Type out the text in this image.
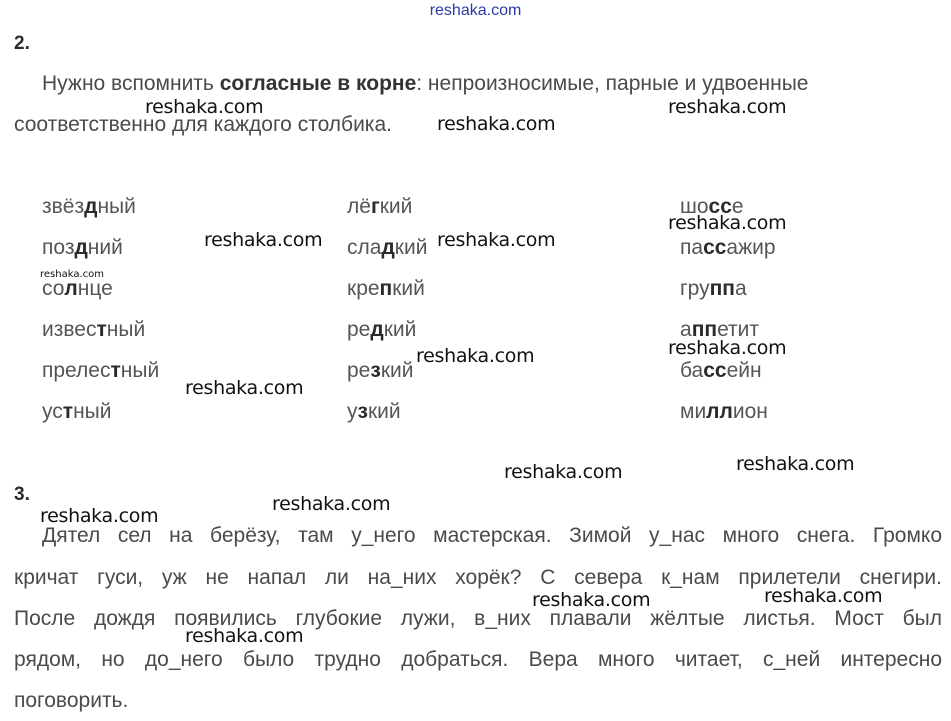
reshaka.com
2.
Нужно вспомнить согласные в корне: непроизносимые, парные и удвоенные
соответственно для каждого столбика.
звёздный
поздний
солнце
известный
прелестный
устный
лёгкий
сладкий
крепкий
редкий
резкий
узкий
шоссе
пассажир
группа
аппетит
бассейн
миллион
3.
Дятел сел на берёзу, там у_него мастерская. Зимой у_нас много снега. Громко
кричат гуси, уж не напал ли на_них хорёк? С севера к_нам прилетели снегири.
После дождя появились глубокие лужи, в_них плавали жёлтые листья. Мост был
рядом, но до_него было трудно добраться. Вера много читает, с_ней интересно
поговорить.
reshaka.com	reshaka.com
reshaka.com
reshaka.com
reshaka.com	reshaka.com
reshaka.com
reshaka.com
reshaka.com
reshaka.com
reshaka.com
reshaka.com
reshaka.com
reshaka.com
reshaka.com
reshaka.com
reshaka.com
